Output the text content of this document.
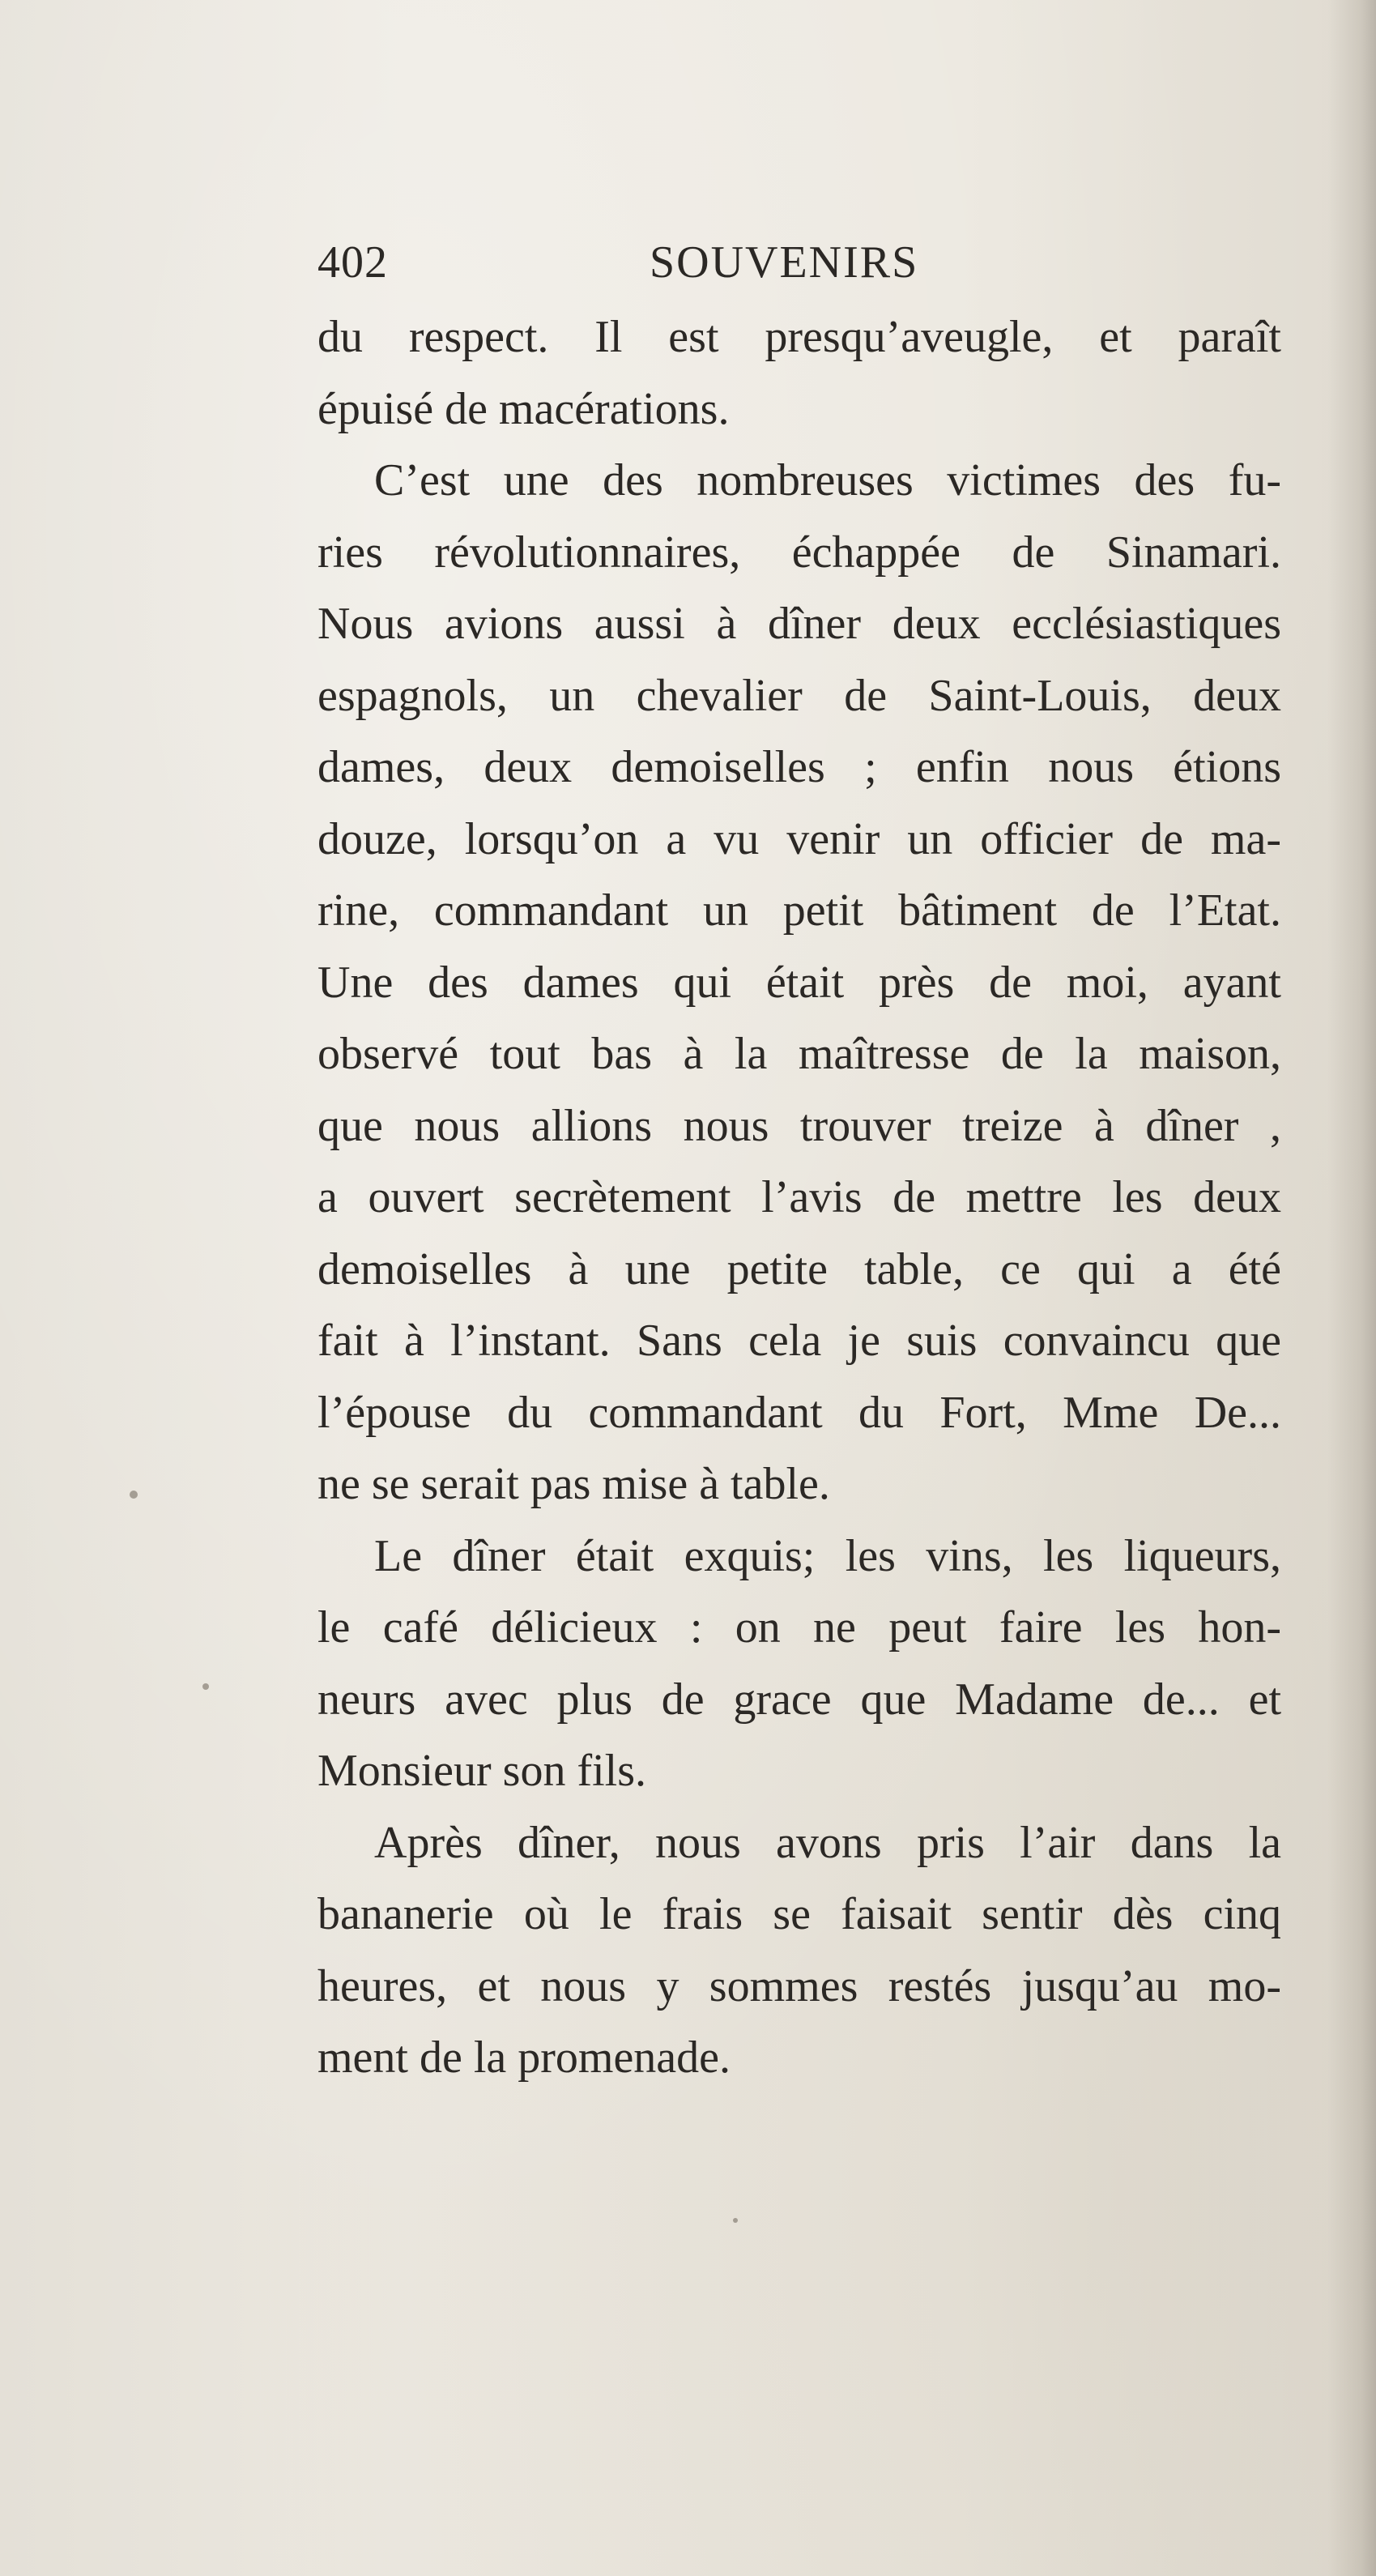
402	SOUVENIRS
du respect. Il est presqu’aveugle, et paraît
épuisé de macérations.
C’est une des nombreuses victimes des fu-
ries révolutionnaires, échappée de Sinamari.
Nous avions aussi à dîner deux ecclésiastiques
espagnols, un chevalier de Saint-Louis, deux
dames, deux demoiselles ; enfin nous étions
douze, lorsqu’on a vu venir un officier de ma-
rine, commandant un petit bâtiment de l’Etat.
Une des dames qui était près de moi, ayant
observé tout bas à la maîtresse de la maison,
que nous allions nous trouver treize à dîner ,
a ouvert secrètement l’avis de mettre les deux
demoiselles à une petite table, ce qui a été
fait à l’instant. Sans cela je suis convaincu que
l’épouse du commandant du Fort, Mme De...
ne se serait pas mise à table.
Le dîner était exquis; les vins, les liqueurs,
le café délicieux : on ne peut faire les hon-
neurs avec plus de grace que Madame de... et
Monsieur son fils.
Après dîner, nous avons pris l’air dans la
bananerie où le frais se faisait sentir dès cinq
heures, et nous y sommes restés jusqu’au mo-
ment de la promenade.
